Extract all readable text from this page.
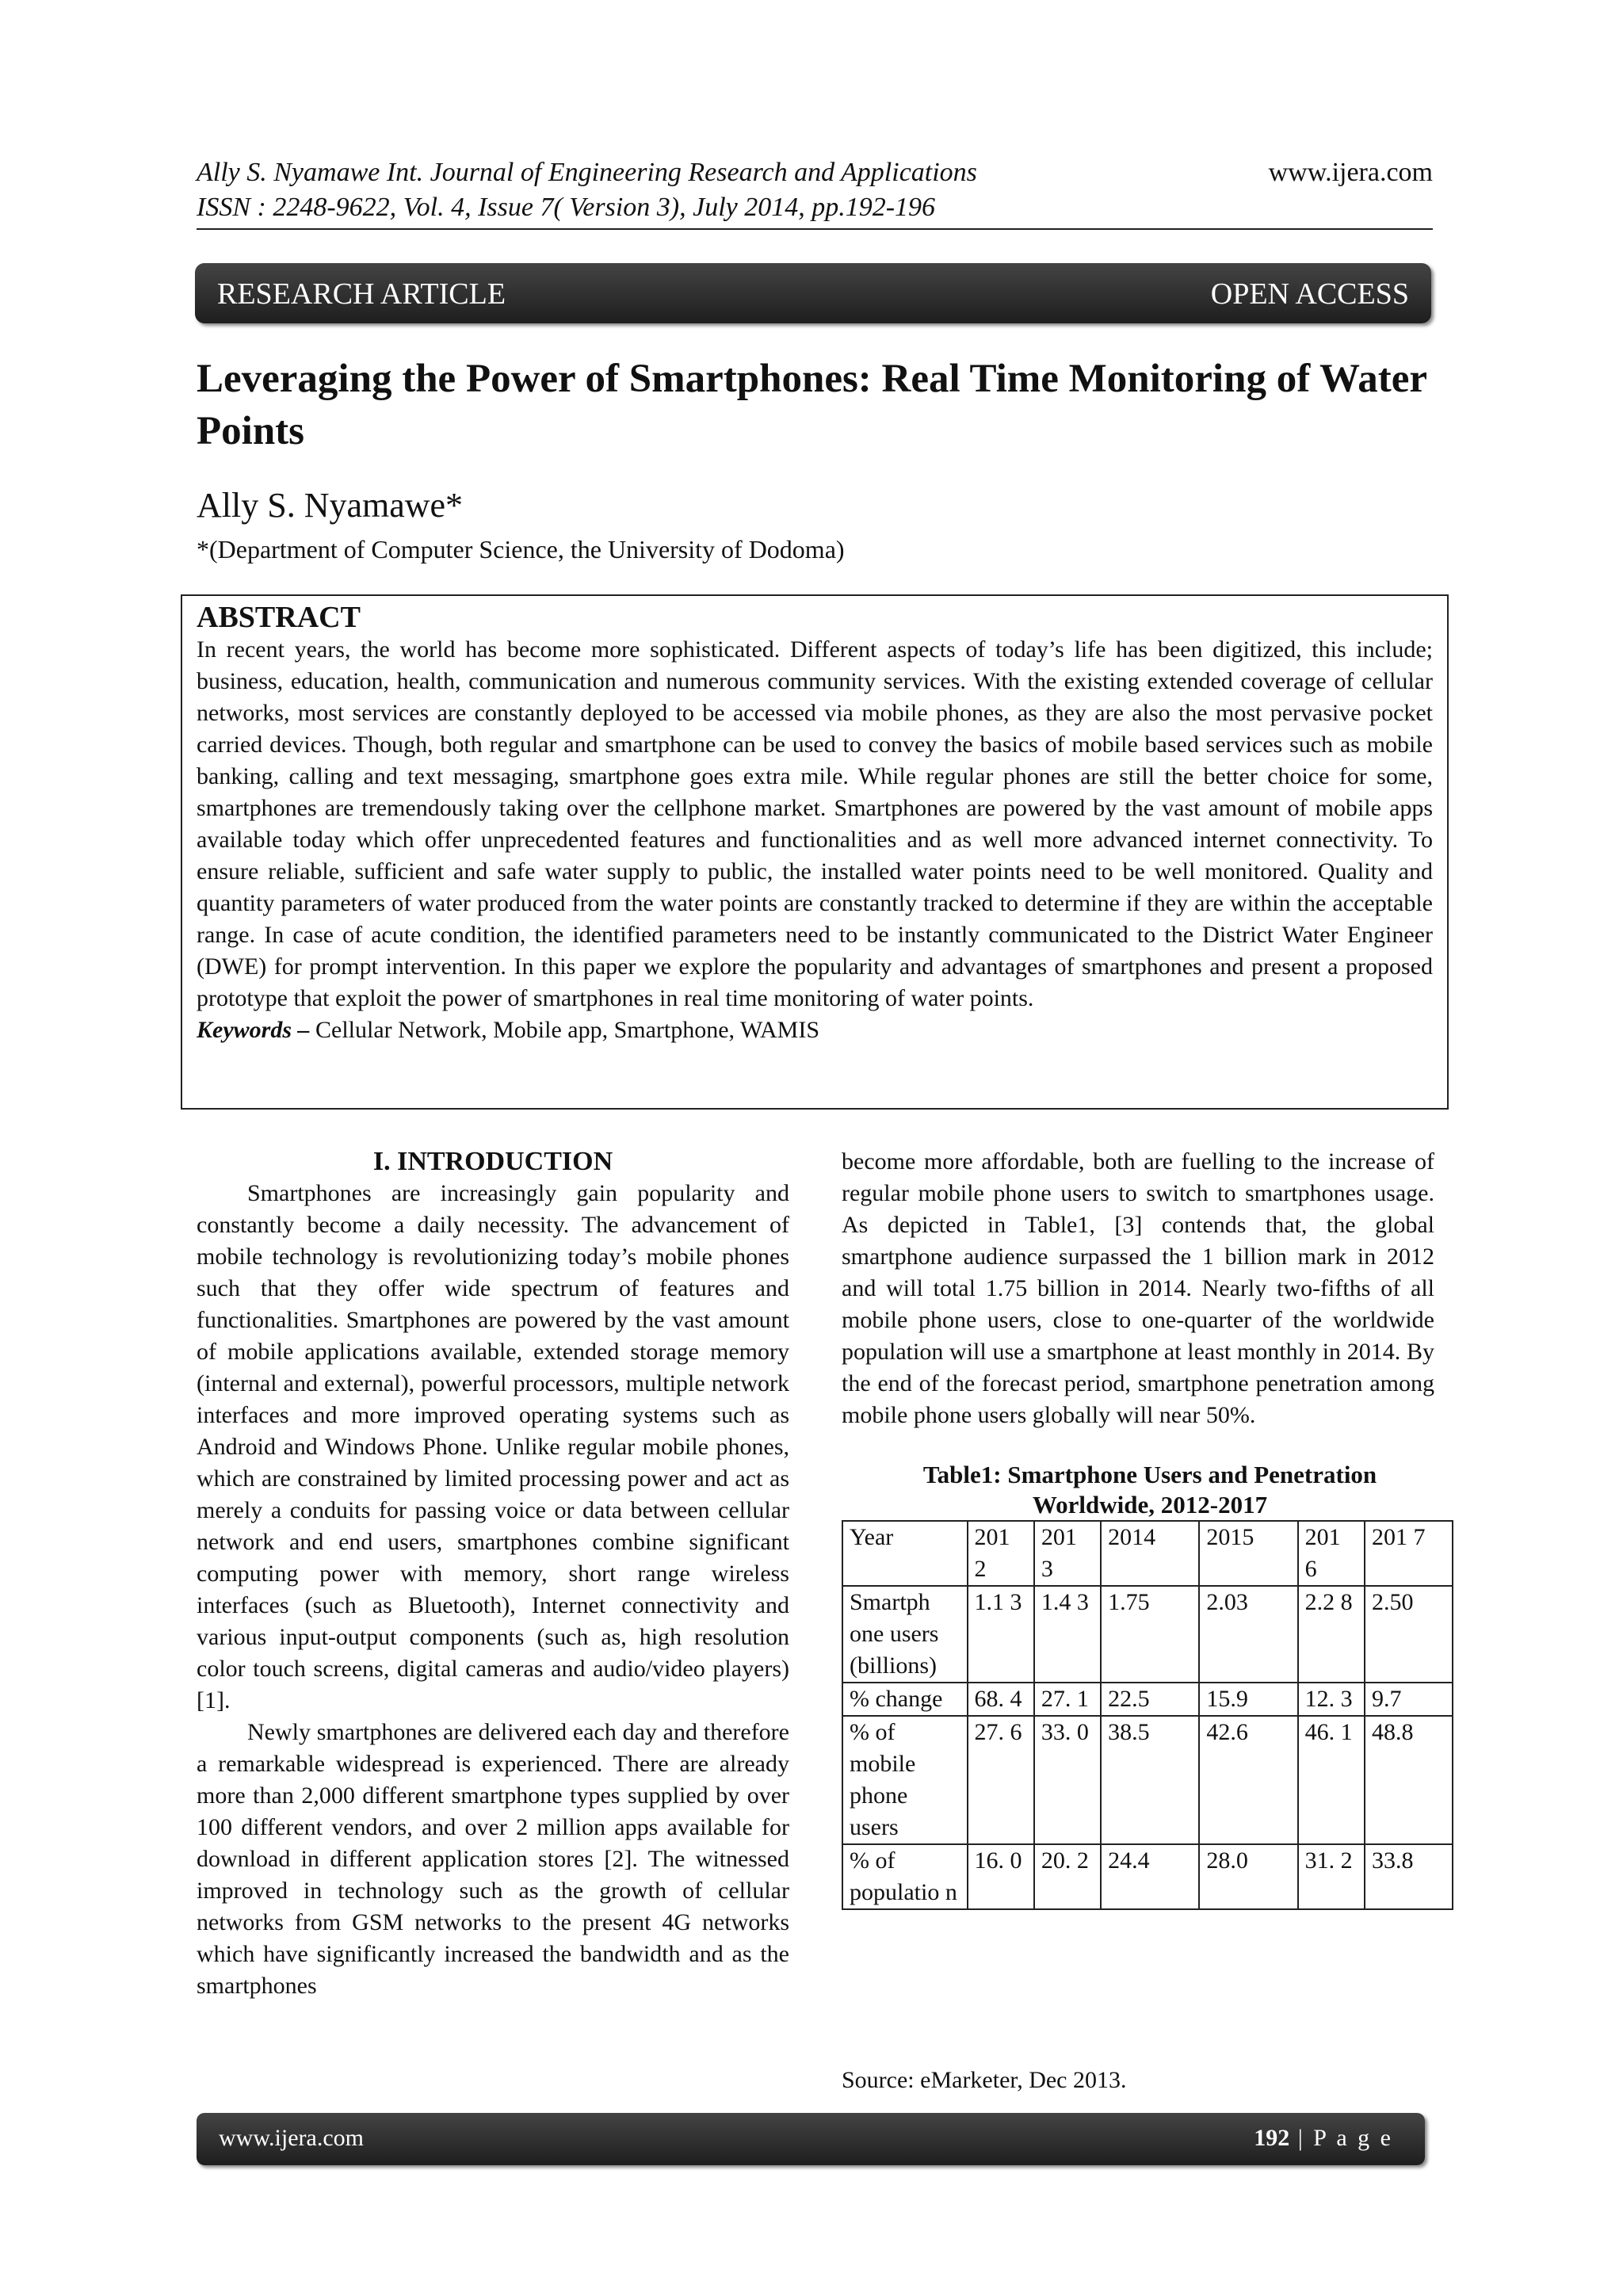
Ally S. Nyamawe Int. Journal of Engineering Research and Applications
ISSN : 2248-9622, Vol. 4, Issue 7( Version 3), July 2014, pp.192-196
www.ijera.com
RESEARCH ARTICLE	OPEN ACCESS
Leveraging the Power of Smartphones: Real Time Monitoring of Water Points
Ally S. Nyamawe*
*(Department of Computer Science, the University of Dodoma)
ABSTRACT

In recent years, the world has become more sophisticated. Different aspects of today’s life has been digitized, this include; business, education, health, communication and numerous community services. With the existing extended coverage of cellular networks, most services are constantly deployed to be accessed via mobile phones, as they are also the most pervasive pocket carried devices. Though, both regular and smartphone can be used to convey the basics of mobile based services such as mobile banking, calling and text messaging, smartphone goes extra mile. While regular phones are still the better choice for some, smartphones are tremendously taking over the cellphone market. Smartphones are powered by the vast amount of mobile apps available today which offer unprecedented features and functionalities and as well more advanced internet connectivity. To ensure reliable, sufficient and safe water supply to public, the installed water points need to be well monitored. Quality and quantity parameters of water produced from the water points are constantly tracked to determine if they are within the acceptable range. In case of acute condition, the identified parameters need to be instantly communicated to the District Water Engineer (DWE) for prompt intervention. In this paper we explore the popularity and advantages of smartphones and present a proposed prototype that exploit the power of smartphones in real time monitoring of water points.

Keywords – Cellular Network, Mobile app, Smartphone, WAMIS

I. INTRODUCTION

Smartphones are increasingly gain popularity and constantly become a daily necessity. The advancement of mobile technology is revolutionizing today’s mobile phones such that they offer wide spectrum of features and functionalities. Smartphones are powered by the vast amount of mobile applications available, extended storage memory (internal and external), powerful processors, multiple network interfaces and more improved operating systems such as Android and Windows Phone. Unlike regular mobile phones, which are constrained by limited processing power and act as merely a conduits for passing voice or data between cellular network and end users, smartphones combine significant computing power with memory, short range wireless interfaces (such as Bluetooth), Internet connectivity and various input-output components (such as, high resolution color touch screens, digital cameras and audio/video players) [1].

Newly smartphones are delivered each day and therefore a remarkable widespread is experienced. There are already more than 2,000 different smartphone types supplied by over 100 different vendors, and over 2 million apps available for download in different application stores [2]. The witnessed improved in technology such as the growth of cellular networks from GSM networks to the present 4G networks which have significantly increased the bandwidth and as the smartphones

become more affordable, both are fuelling to the increase of regular mobile phone users to switch to smartphones usage. As depicted in Table1, [3] contends that, the global smartphone audience surpassed the 1 billion mark in 2012 and will total 1.75 billion in 2014. Nearly two-fifths of all mobile phone users, close to one-quarter of the worldwide population will use a smartphone at least monthly in 2014. By the end of the forecast period, smartphone penetration among mobile phone users globally will near 50%.

Table1: Smartphone Users and Penetration
Worldwide, 2012-2017
Year	201 2	201 3	2014	2015	201 6	201 7
Smartph one users (billions)	1.1 3	1.4 3	1.75	2.03	2.2 8	2.50
% change	68. 4	27. 1	22.5	15.9	12. 3	9.7
% of mobile phone users	27. 6	33. 0	38.5	42.6	46. 1	48.8
% of populatio n	16. 0	20. 2	24.4	28.0	31. 2	33.8
Source: eMarketer, Dec 2013.
www.ijera.com	192 | P a g e
